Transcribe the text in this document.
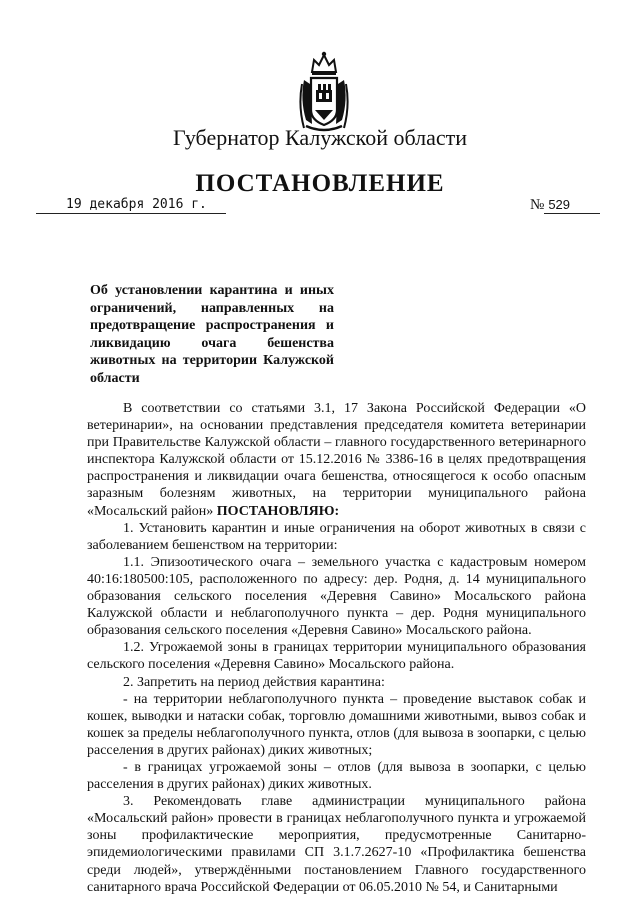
Губернатор Калужской области
ПОСТАНОВЛЕНИЕ
19 декабря 2016 г.	№ 529
Об установлении карантина и иных ограничений, направленных на предотвращение распространения и ликвидацию очага бешенства животных на территории Калужской области

В соответствии со статьями 3.1, 17 Закона Российской Федерации «О ветеринарии», на основании представления председателя комитета ветеринарии при Правительстве Калужской области – главного государственного ветеринарного инспектора Калужской области от 15.12.2016 № 3386-16 в целях предотвращения распространения и ликвидации очага бешенства, относящегося к особо опасным заразным болезням животных, на территории муниципального района «Мосальский район» ПОСТАНОВЛЯЮ:

1. Установить карантин и иные ограничения на оборот животных в связи с заболеванием бешенством на территории:

1.1. Эпизоотического очага – земельного участка с кадастровым номером 40:16:180500:105, расположенного по адресу: дер. Родня, д. 14 муниципального образования сельского поселения «Деревня Савино» Мосальского района Калужской области и неблагополучного пункта – дер. Родня муниципального образования сельского поселения «Деревня Савино» Мосальского района.

1.2. Угрожаемой зоны в границах территории муниципального образования сельского поселения «Деревня Савино» Мосальского района.

2. Запретить на период действия карантина:

- на территории неблагополучного пункта – проведение выставок собак и кошек, выводки и натаски собак, торговлю домашними животными, вывоз собак и кошек за пределы неблагополучного пункта, отлов (для вывоза в зоопарки, с целью расселения в других районах) диких животных;

- в границах угрожаемой зоны – отлов (для вывоза в зоопарки, с целью расселения в других районах) диких животных.

3. Рекомендовать главе администрации муниципального района «Мосальский район» провести в границах неблагополучного пункта и угрожаемой зоны профилактические мероприятия, предусмотренные Санитарно-эпидемиологическими правилами СП 3.1.7.2627-10 «Профилактика бешенства среди людей», утверждёнными постановлением Главного государственного санитарного врача Российской Федерации от 06.05.2010 № 54, и Санитарными
